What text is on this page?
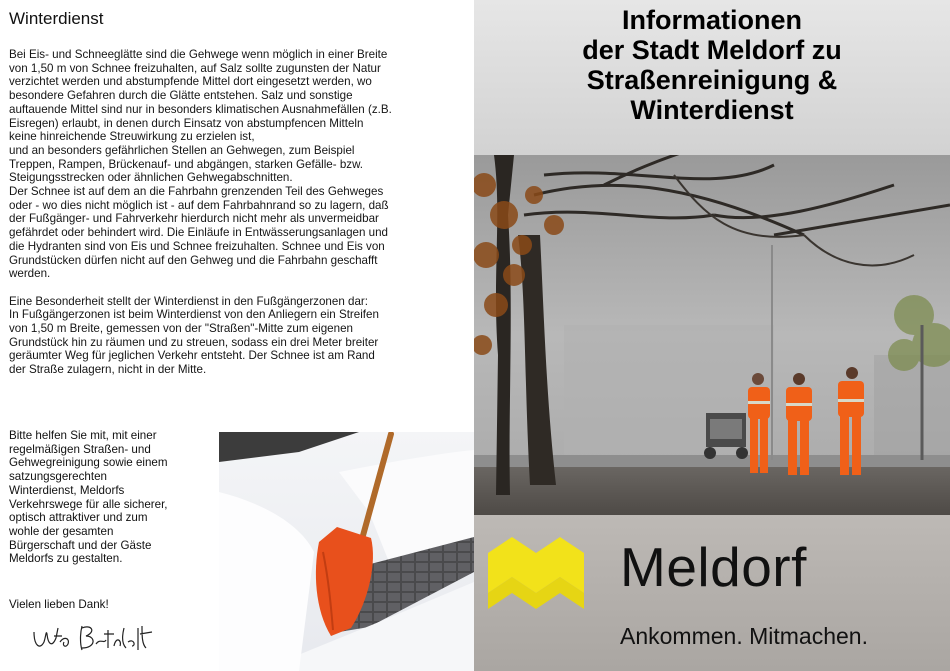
Winterdienst

Bei Eis- und Schneeglätte sind die Gehwege wenn möglich in einer Breite
von 1,50 m von Schnee freizuhalten, auf Salz sollte zugunsten der Natur
verzichtet werden und abstumpfende Mittel dort eingesetzt werden, wo
besondere Gefahren durch die Glätte entstehen. Salz und sonstige
auftauende Mittel sind nur in besonders klimatischen Ausnahmefällen (z.B.
Eisregen) erlaubt, in denen durch Einsatz von abstumpfencen Mitteln
keine hinreichende Streuwirkung zu erzielen ist,
und an besonders gefährlichen Stellen an Gehwegen, zum Beispiel
Treppen, Rampen, Brückenauf- und abgängen, starken Gefälle- bzw.
Steigungsstrecken oder ähnlichen Gehwegabschnitten.
Der Schnee ist auf dem an die Fahrbahn grenzenden Teil des Gehweges
oder - wo dies nicht möglich ist - auf dem Fahrbahnrand so zu lagern, daß
der Fußgänger- und Fahrverkehr hierdurch nicht mehr als unvermeidbar
gefährdet oder behindert wird. Die Einläufe in Entwässerungsanlagen und
die Hydranten sind von Eis und Schnee freizuhalten. Schnee und Eis von
Grundstücken dürfen nicht auf den Gehweg und die Fahrbahn geschafft
werden.

Eine Besonderheit stellt der Winterdienst in den Fußgängerzonen dar:
In Fußgängerzonen ist beim Winterdienst von den Anliegern ein Streifen
von 1,50 m Breite, gemessen von der "Straßen"-Mitte zum eigenen
Grundstück hin zu räumen und zu streuen, sodass ein drei Meter breiter
geräumter Weg für jeglichen Verkehr entsteht. Der Schnee ist am Rand
der Straße zulagern, nicht in der Mitte.

Bitte helfen Sie mit, mit einer
regelmäßigen Straßen- und
Gehwegreinigung sowie einem
satzungsgerechten
Winterdienst, Meldorfs
Verkehrswege für alle sicherer,
optisch attraktiver und zum
wohle der gesamten
Bürgerschaft und der Gäste
Meldorfs zu gestalten.
Vielen lieben Dank!
Informationen
der Stadt Meldorf zu
Straßenreinigung &
Winterdienst
Meldorf
Ankommen. Mitmachen.
